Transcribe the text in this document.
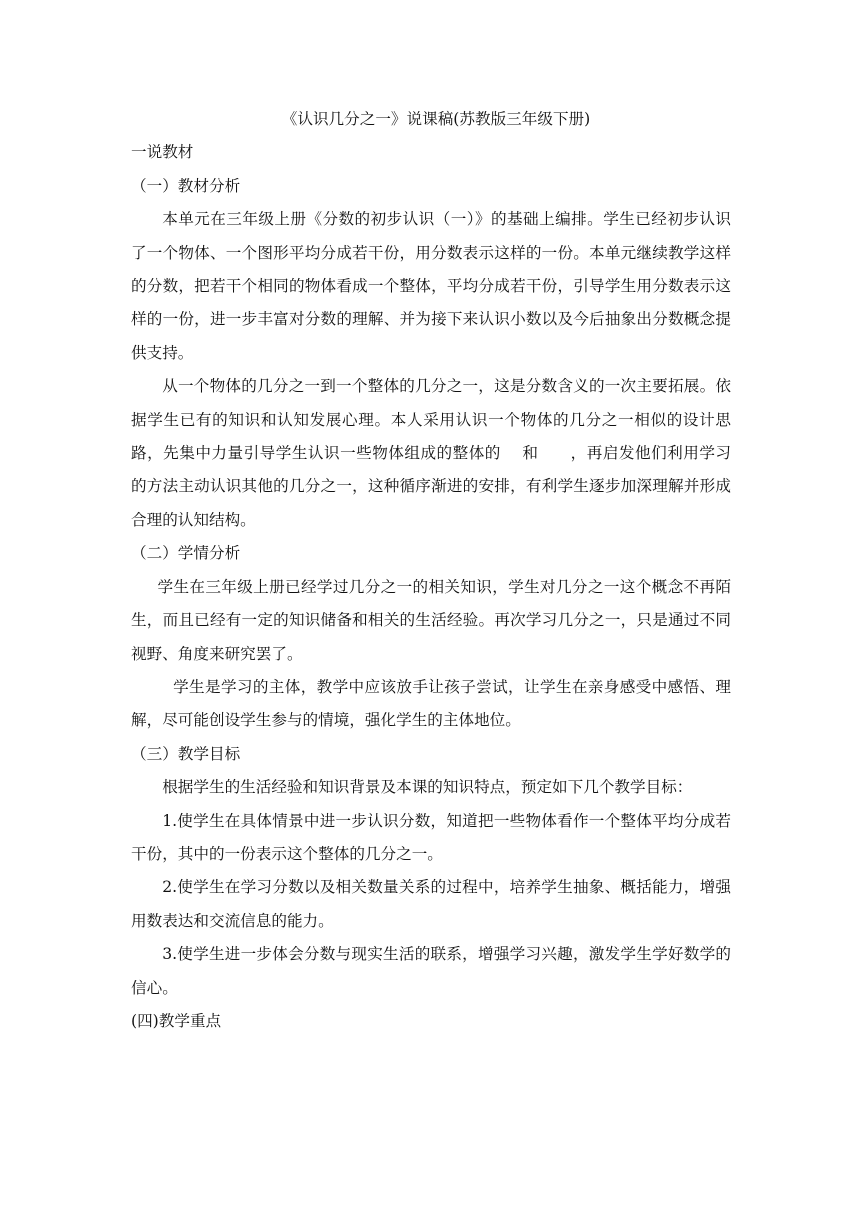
《认识几分之一》说课稿(苏教版三年级下册)

一说教材

（一）教材分析

本单元在三年级上册《分数的初步认识（一）》的基础上编排。学生已经初步认识了一个物体、一个图形平均分成若干份，用分数表示这样的一份。本单元继续教学这样的分数，把若干个相同的物体看成一个整体，平均分成若干份，引导学生用分数表示这样的一份，进一步丰富对分数的理解、并为接下来认识小数以及今后抽象出分数概念提供支持。

从一个物体的几分之一到一个整体的几分之一，这是分数含义的一次主要拓展。依据学生已有的知识和认知发展心理。本人采用认识一个物体的几分之一相似的设计思路，先集中力量引导学生认识一些物体组成的整体的　 和　　，再启发他们利用学习　　的方法主动认识其他的几分之一，这种循序渐进的安排，有利学生逐步加深理解并形成合理的认知结构。

（二）学情分析

学生在三年级上册已经学过几分之一的相关知识，学生对几分之一这个概念不再陌生，而且已经有一定的知识储备和相关的生活经验。再次学习几分之一，只是通过不同视野、角度来研究罢了。

学生是学习的主体，教学中应该放手让孩子尝试，让学生在亲身感受中感悟、理解，尽可能创设学生参与的情境，强化学生的主体地位。

（三）教学目标

根据学生的生活经验和知识背景及本课的知识特点，预定如下几个教学目标：

1.使学生在具体情景中进一步认识分数，知道把一些物体看作一个整体平均分成若干份，其中的一份表示这个整体的几分之一。

2.使学生在学习分数以及相关数量关系的过程中，培养学生抽象、概括能力，增强用数表达和交流信息的能力。

3.使学生进一步体会分数与现实生活的联系，增强学习兴趣，激发学生学好数学的信心。

(四)教学重点
